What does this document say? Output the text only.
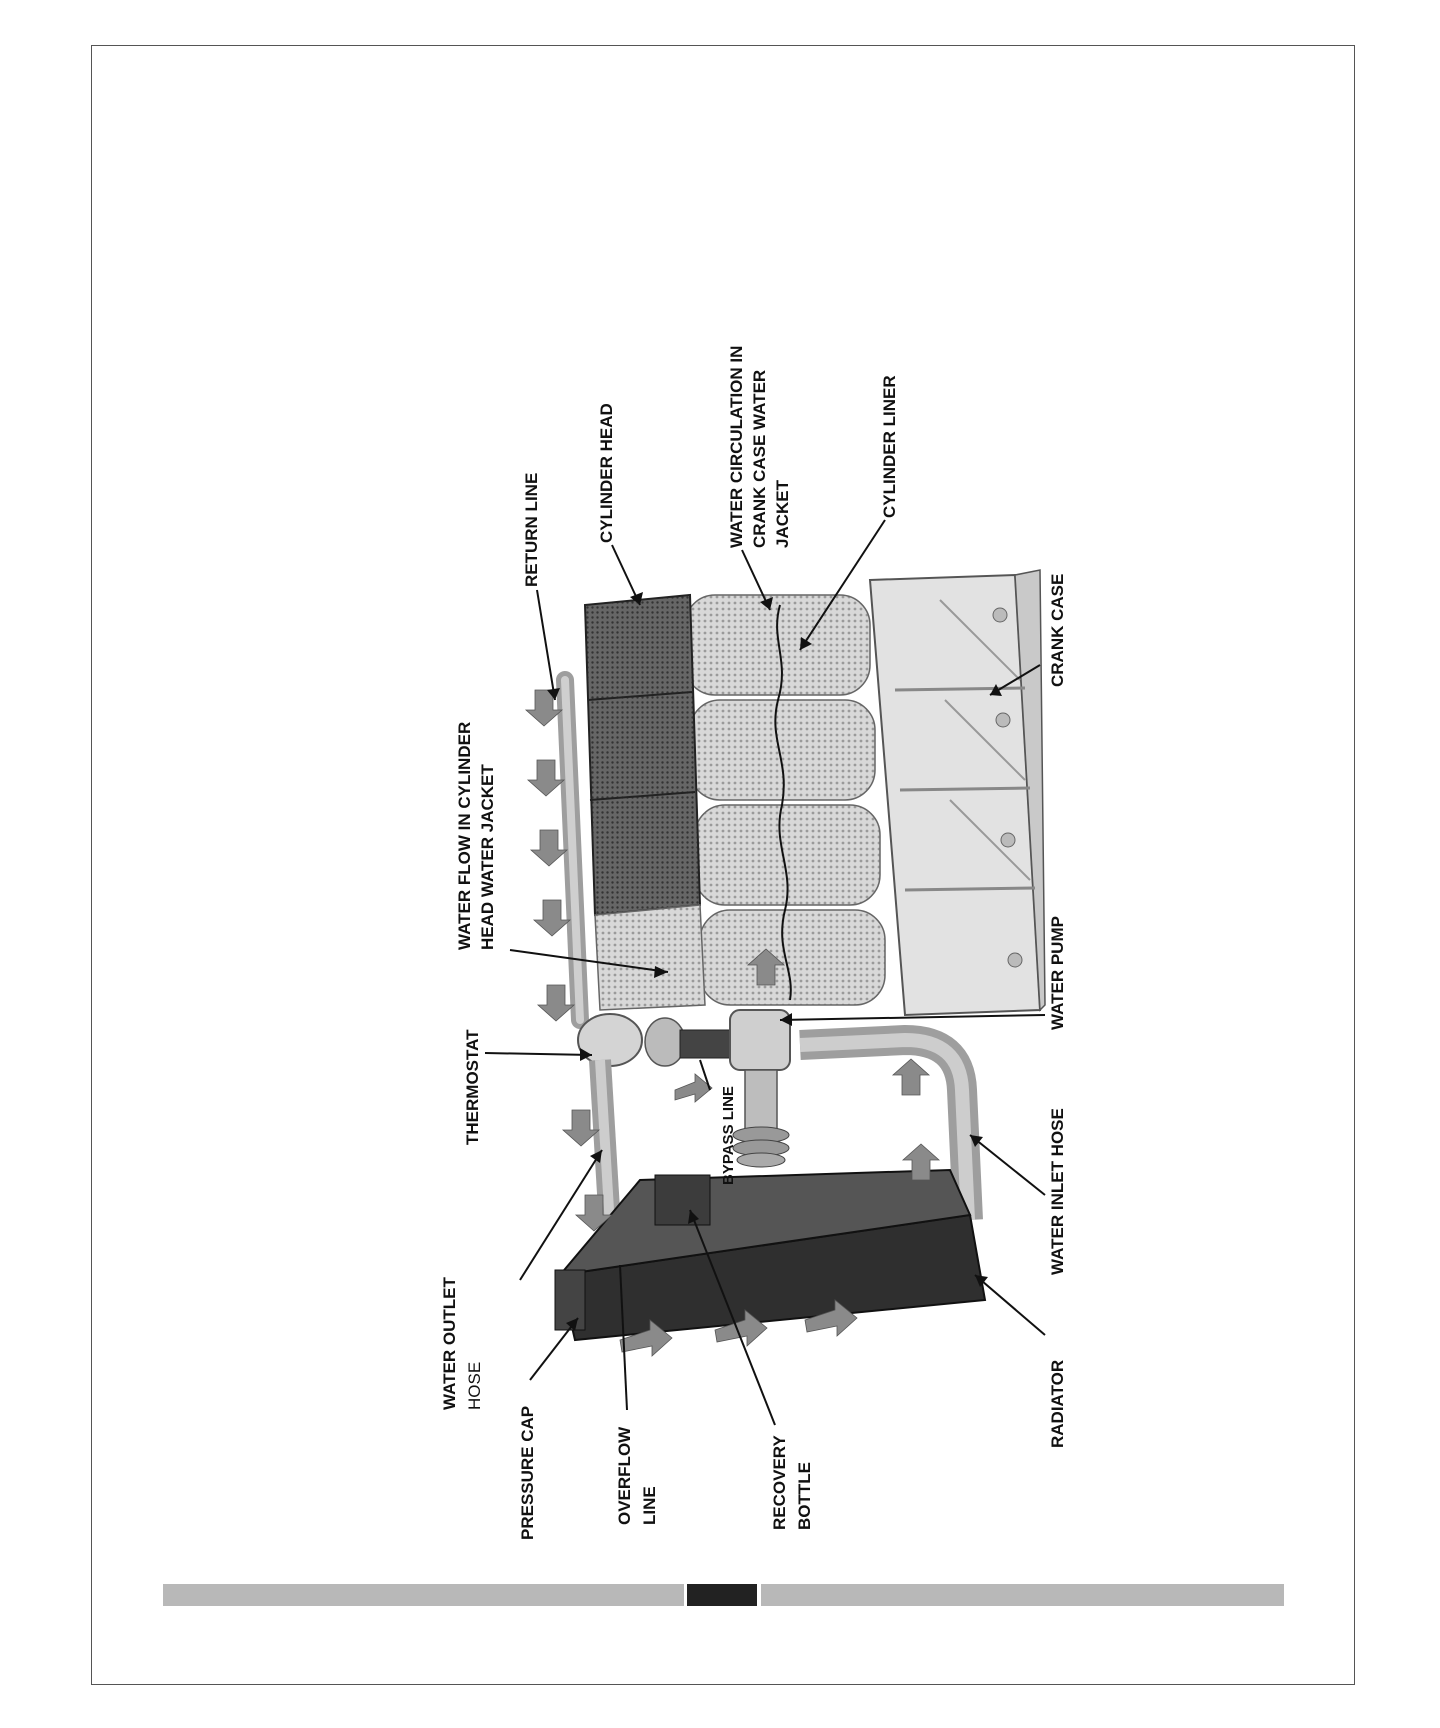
RETURN LINE	CYLINDER HEAD	WATER CIRCULATION IN CRANK CASE WATER JACKET	CYLINDER LINER
CRANK CASE
WATER FLOW IN CYLINDER HEAD WATER JACKET
WATER PUMP
THERMOSTAT	BYPASS LINE	WATER INLET HOSE
WATER OUTLET HOSE
PRESSURE CAP	OVERFLOW LINE	RECOVERY BOTTLE
RADIATOR
